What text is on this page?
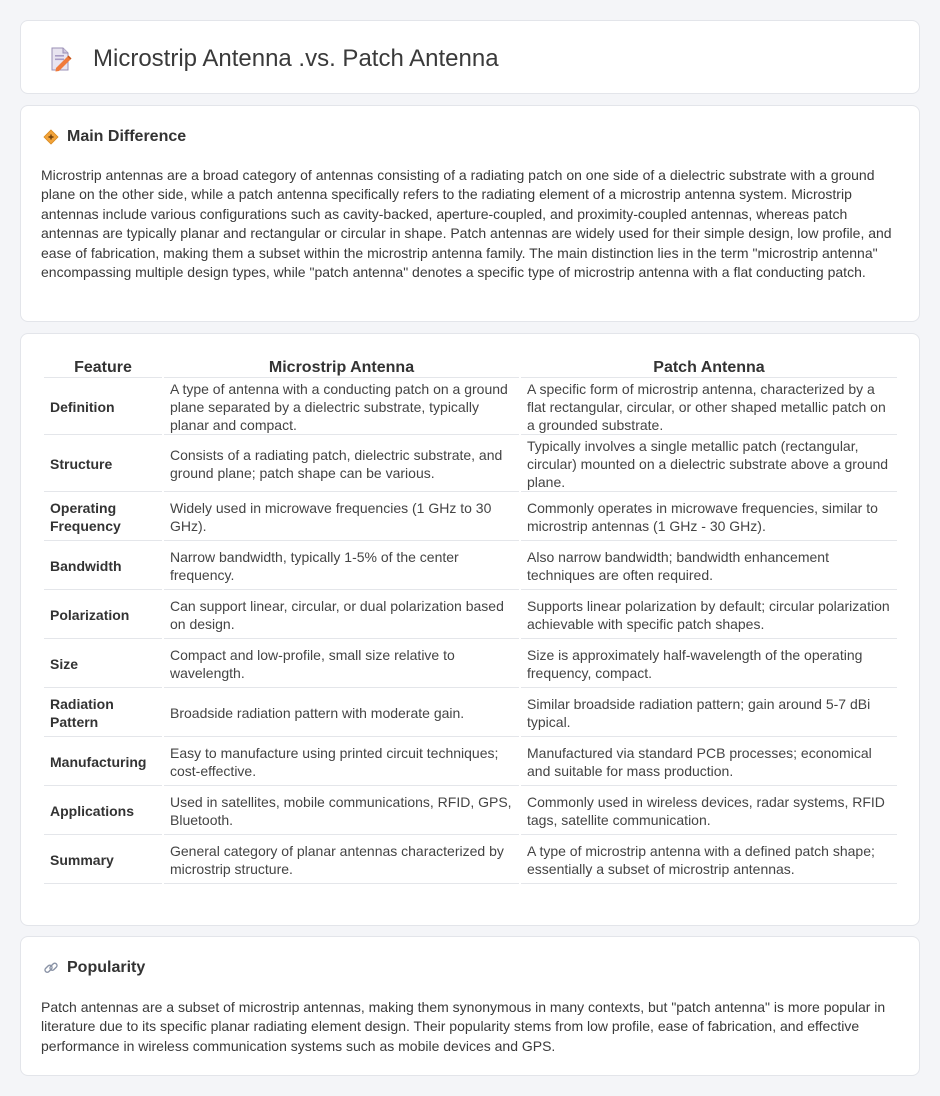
Microstrip Antenna .vs. Patch Antenna
Main Difference

Microstrip antennas are a broad category of antennas consisting of a radiating patch on one side of a dielectric substrate with a ground plane on the other side, while a patch antenna specifically refers to the radiating element of a microstrip antenna system. Microstrip antennas include various configurations such as cavity-backed, aperture-coupled, and proximity-coupled antennas, whereas patch antennas are typically planar and rectangular or circular in shape. Patch antennas are widely used for their simple design, low profile, and ease of fabrication, making them a subset within the microstrip antenna family. The main distinction lies in the term "microstrip antenna" encompassing multiple design types, while "patch antenna" denotes a specific type of microstrip antenna with a flat conducting patch.

Feature	Microstrip Antenna	Patch Antenna
Definition	A type of antenna with a conducting patch on a ground plane separated by a dielectric substrate, typically planar and compact.	A specific form of microstrip antenna, characterized by a flat rectangular, circular, or other shaped metallic patch on a grounded substrate.
Structure	Consists of a radiating patch, dielectric substrate, and ground plane; patch shape can be various.	Typically involves a single metallic patch (rectangular, circular) mounted on a dielectric substrate above a ground plane.
Operating Frequency	Widely used in microwave frequencies (1 GHz to 30 GHz).	Commonly operates in microwave frequencies, similar to microstrip antennas (1 GHz - 30 GHz).
Bandwidth	Narrow bandwidth, typically 1-5% of the center frequency.	Also narrow bandwidth; bandwidth enhancement techniques are often required.
Polarization	Can support linear, circular, or dual polarization based on design.	Supports linear polarization by default; circular polarization achievable with specific patch shapes.
Size	Compact and low-profile, small size relative to wavelength.	Size is approximately half-wavelength of the operating frequency, compact.
Radiation Pattern	Broadside radiation pattern with moderate gain.	Similar broadside radiation pattern; gain around 5-7 dBi typical.
Manufacturing	Easy to manufacture using printed circuit techniques; cost-effective.	Manufactured via standard PCB processes; economical and suitable for mass production.
Applications	Used in satellites, mobile communications, RFID, GPS, Bluetooth.	Commonly used in wireless devices, radar systems, RFID tags, satellite communication.
Summary	General category of planar antennas characterized by microstrip structure.	A type of microstrip antenna with a defined patch shape; essentially a subset of microstrip antennas.
Popularity

Patch antennas are a subset of microstrip antennas, making them synonymous in many contexts, but "patch antenna" is more popular in literature due to its specific planar radiating element design. Their popularity stems from low profile, ease of fabrication, and effective performance in wireless communication systems such as mobile devices and GPS.
